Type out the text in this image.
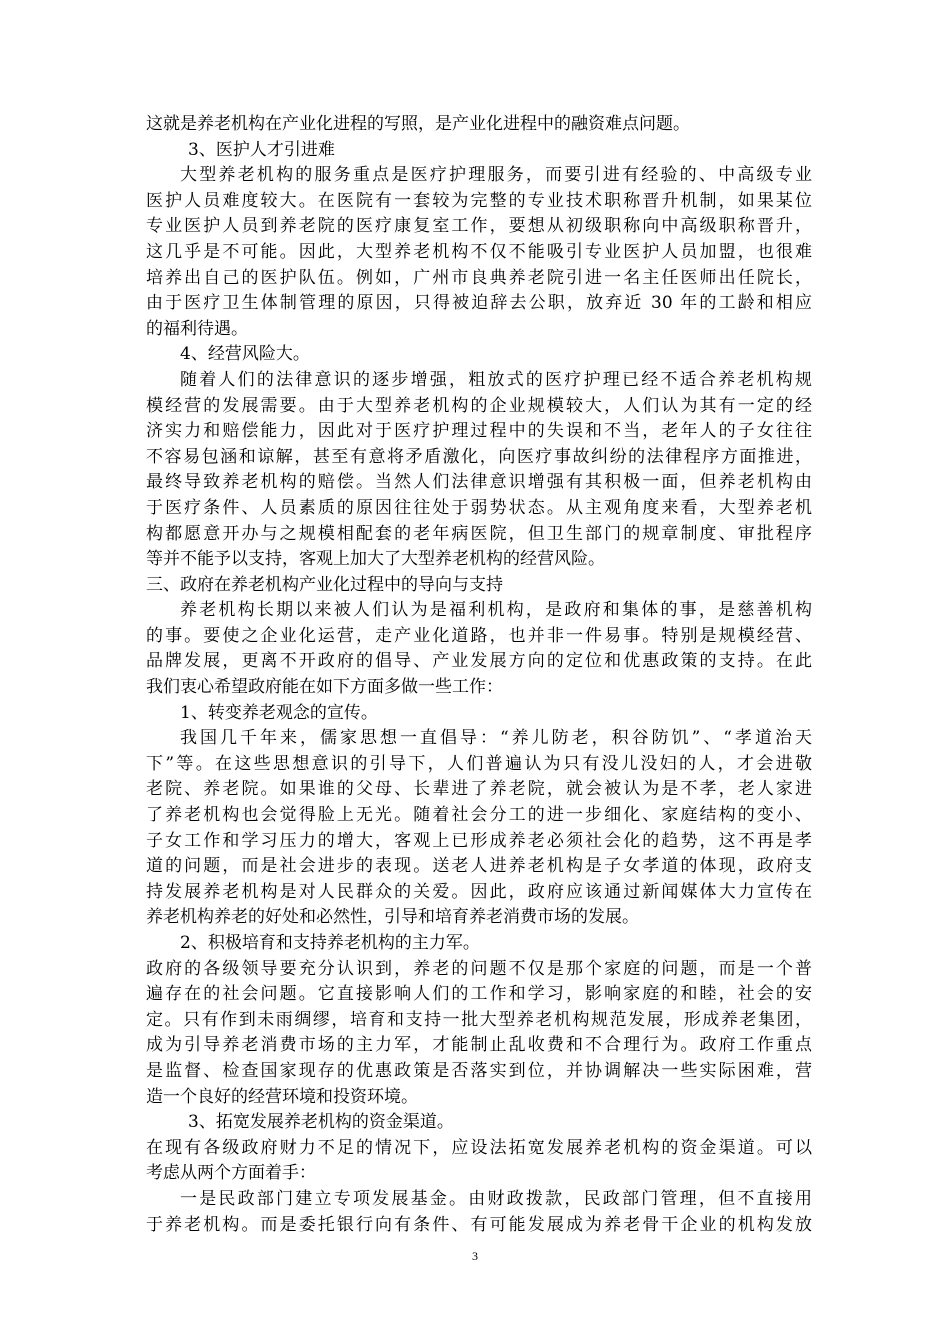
这就是养老机构在产业化进程的写照，是产业化进程中的融资难点问题。
3、医护人才引进难
大型养老机构的服务重点是医疗护理服务，而要引进有经验的、中高级专业
医护人员难度较大。在医院有一套较为完整的专业技术职称晋升机制，如果某位
专业医护人员到养老院的医疗康复室工作，要想从初级职称向中高级职称晋升，
这几乎是不可能。因此，大型养老机构不仅不能吸引专业医护人员加盟，也很难
培养出自己的医护队伍。例如，广州市良典养老院引进一名主任医师出任院长，
由于医疗卫生体制管理的原因，只得被迫辞去公职，放弃近 30 年的工龄和相应
的福利待遇。
4、经营风险大。
随着人们的法律意识的逐步增强，粗放式的医疗护理已经不适合养老机构规
模经营的发展需要。由于大型养老机构的企业规模较大，人们认为其有一定的经
济实力和赔偿能力，因此对于医疗护理过程中的失误和不当，老年人的子女往往
不容易包涵和谅解，甚至有意将矛盾激化，向医疗事故纠纷的法律程序方面推进，
最终导致养老机构的赔偿。当然人们法律意识增强有其积极一面，但养老机构由
于医疗条件、人员素质的原因往往处于弱势状态。从主观角度来看，大型养老机
构都愿意开办与之规模相配套的老年病医院，但卫生部门的规章制度、审批程序
等并不能予以支持，客观上加大了大型养老机构的经营风险。
三、政府在养老机构产业化过程中的导向与支持
养老机构长期以来被人们认为是福利机构，是政府和集体的事，是慈善机构
的事。要使之企业化运营，走产业化道路，也并非一件易事。特别是规模经营、
品牌发展，更离不开政府的倡导、产业发展方向的定位和优惠政策的支持。在此
我们衷心希望政府能在如下方面多做一些工作：
1、转变养老观念的宣传。
我国几千年来，儒家思想一直倡导：“养儿防老，积谷防饥”、“孝道治天
下”等。在这些思想意识的引导下，人们普遍认为只有没儿没妇的人，才会进敬
老院、养老院。如果谁的父母、长辈进了养老院，就会被认为是不孝，老人家进
了养老机构也会觉得脸上无光。随着社会分工的进一步细化、家庭结构的变小、
子女工作和学习压力的增大，客观上已形成养老必须社会化的趋势，这不再是孝
道的问题，而是社会进步的表现。送老人进养老机构是子女孝道的体现，政府支
持发展养老机构是对人民群众的关爱。因此，政府应该通过新闻媒体大力宣传在
养老机构养老的好处和必然性，引导和培育养老消费市场的发展。
2、积极培育和支持养老机构的主力军。
政府的各级领导要充分认识到，养老的问题不仅是那个家庭的问题，而是一个普
遍存在的社会问题。它直接影响人们的工作和学习，影响家庭的和睦，社会的安
定。只有作到未雨绸缪，培育和支持一批大型养老机构规范发展，形成养老集团，
成为引导养老消费市场的主力军，才能制止乱收费和不合理行为。政府工作重点
是监督、检查国家现存的优惠政策是否落实到位，并协调解决一些实际困难，营
造一个良好的经营环境和投资环境。
3、拓宽发展养老机构的资金渠道。
在现有各级政府财力不足的情况下，应设法拓宽发展养老机构的资金渠道。可以
考虑从两个方面着手：
一是民政部门建立专项发展基金。由财政拨款，民政部门管理，但不直接用
于养老机构。而是委托银行向有条件、有可能发展成为养老骨干企业的机构发放
3
